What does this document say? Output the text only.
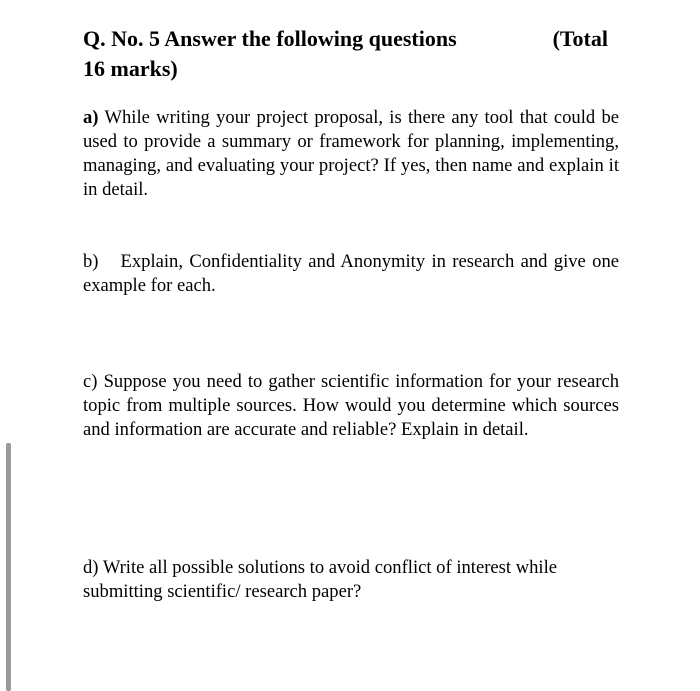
Q. No. 5 Answer the following questions	(Total
16 marks)
a) While writing your project proposal, is there any tool that could be used to provide a summary or framework for planning, implementing, managing, and evaluating your project? If yes, then name and explain it in detail.
b) Explain, Confidentiality and Anonymity in research and give one example for each.
c) Suppose you need to gather scientific information for your research topic from multiple sources. How would you determine which sources and information are accurate and reliable? Explain in detail.
d) Write all possible solutions to avoid conflict of interest while submitting scientific/ research paper?
